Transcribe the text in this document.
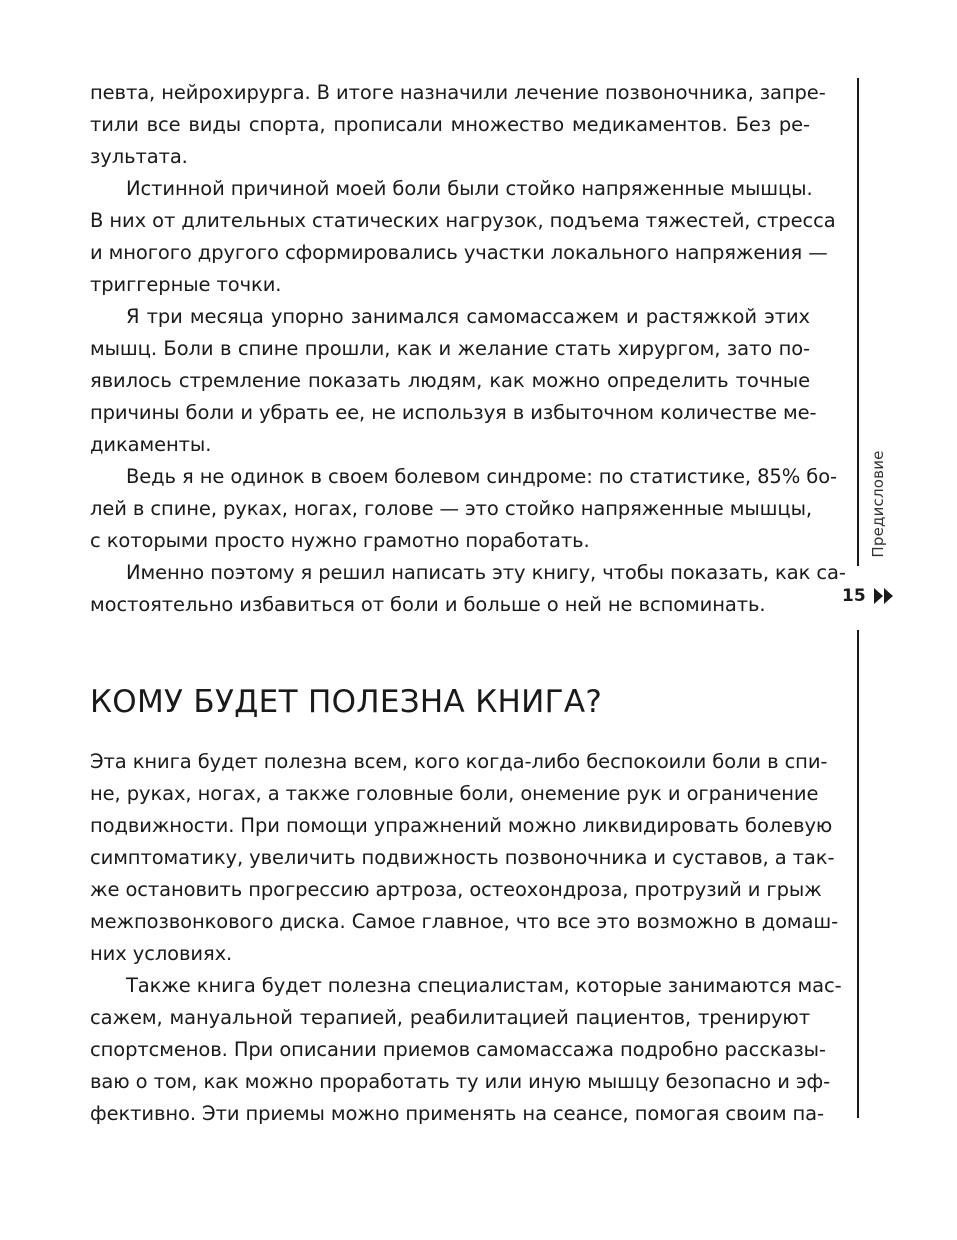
певта, нейрохирурга. В итоге назначили лечение позвоночника, запре-
тили все виды спорта, прописали множество медикаментов. Без ре-
зультата.
Истинной причиной моей боли были стойко напряженные мышцы.
В них от длительных статических нагрузок, подъема тяжестей, стресса
и многого другого сформировались участки локального напряжения —
триггерные точки.
Я три месяца упорно занимался самомассажем и растяжкой этих
мышц. Боли в спине прошли, как и желание стать хирургом, зато по-
явилось стремление показать людям, как можно определить точные
причины боли и убрать ее, не используя в избыточном количестве ме-
дикаменты.
Ведь я не одинок в своем болевом синдроме: по статистике, 85% бо-
лей в спине, руках, ногах, голове — это стойко напряженные мышцы,
с которыми просто нужно грамотно поработать.
Именно поэтому я решил написать эту книгу, чтобы показать, как са-
мостоятельно избавиться от боли и больше о ней не вспоминать.
КОМУ БУДЕТ ПОЛЕЗНА КНИГА?
Эта книга будет полезна всем, кого когда-либо беспокоили боли в спи-
не, руках, ногах, а также головные боли, онемение рук и ограничение
подвижности. При помощи упражнений можно ликвидировать болевую
симптоматику, увеличить подвижность позвоночника и суставов, а так-
же остановить прогрессию артроза, остеохондроза, протрузий и грыж
межпозвонкового диска. Самое главное, что все это возможно в домаш-
них условиях.
Также книга будет полезна специалистам, которые занимаются мас-
сажем, мануальной терапией, реабилитацией пациентов, тренируют
спортсменов. При описании приемов самомассажа подробно рассказы-
ваю о том, как можно проработать ту или иную мышцу безопасно и эф-
фективно. Эти приемы можно применять на сеансе, помогая своим па-
Предисловие
15
